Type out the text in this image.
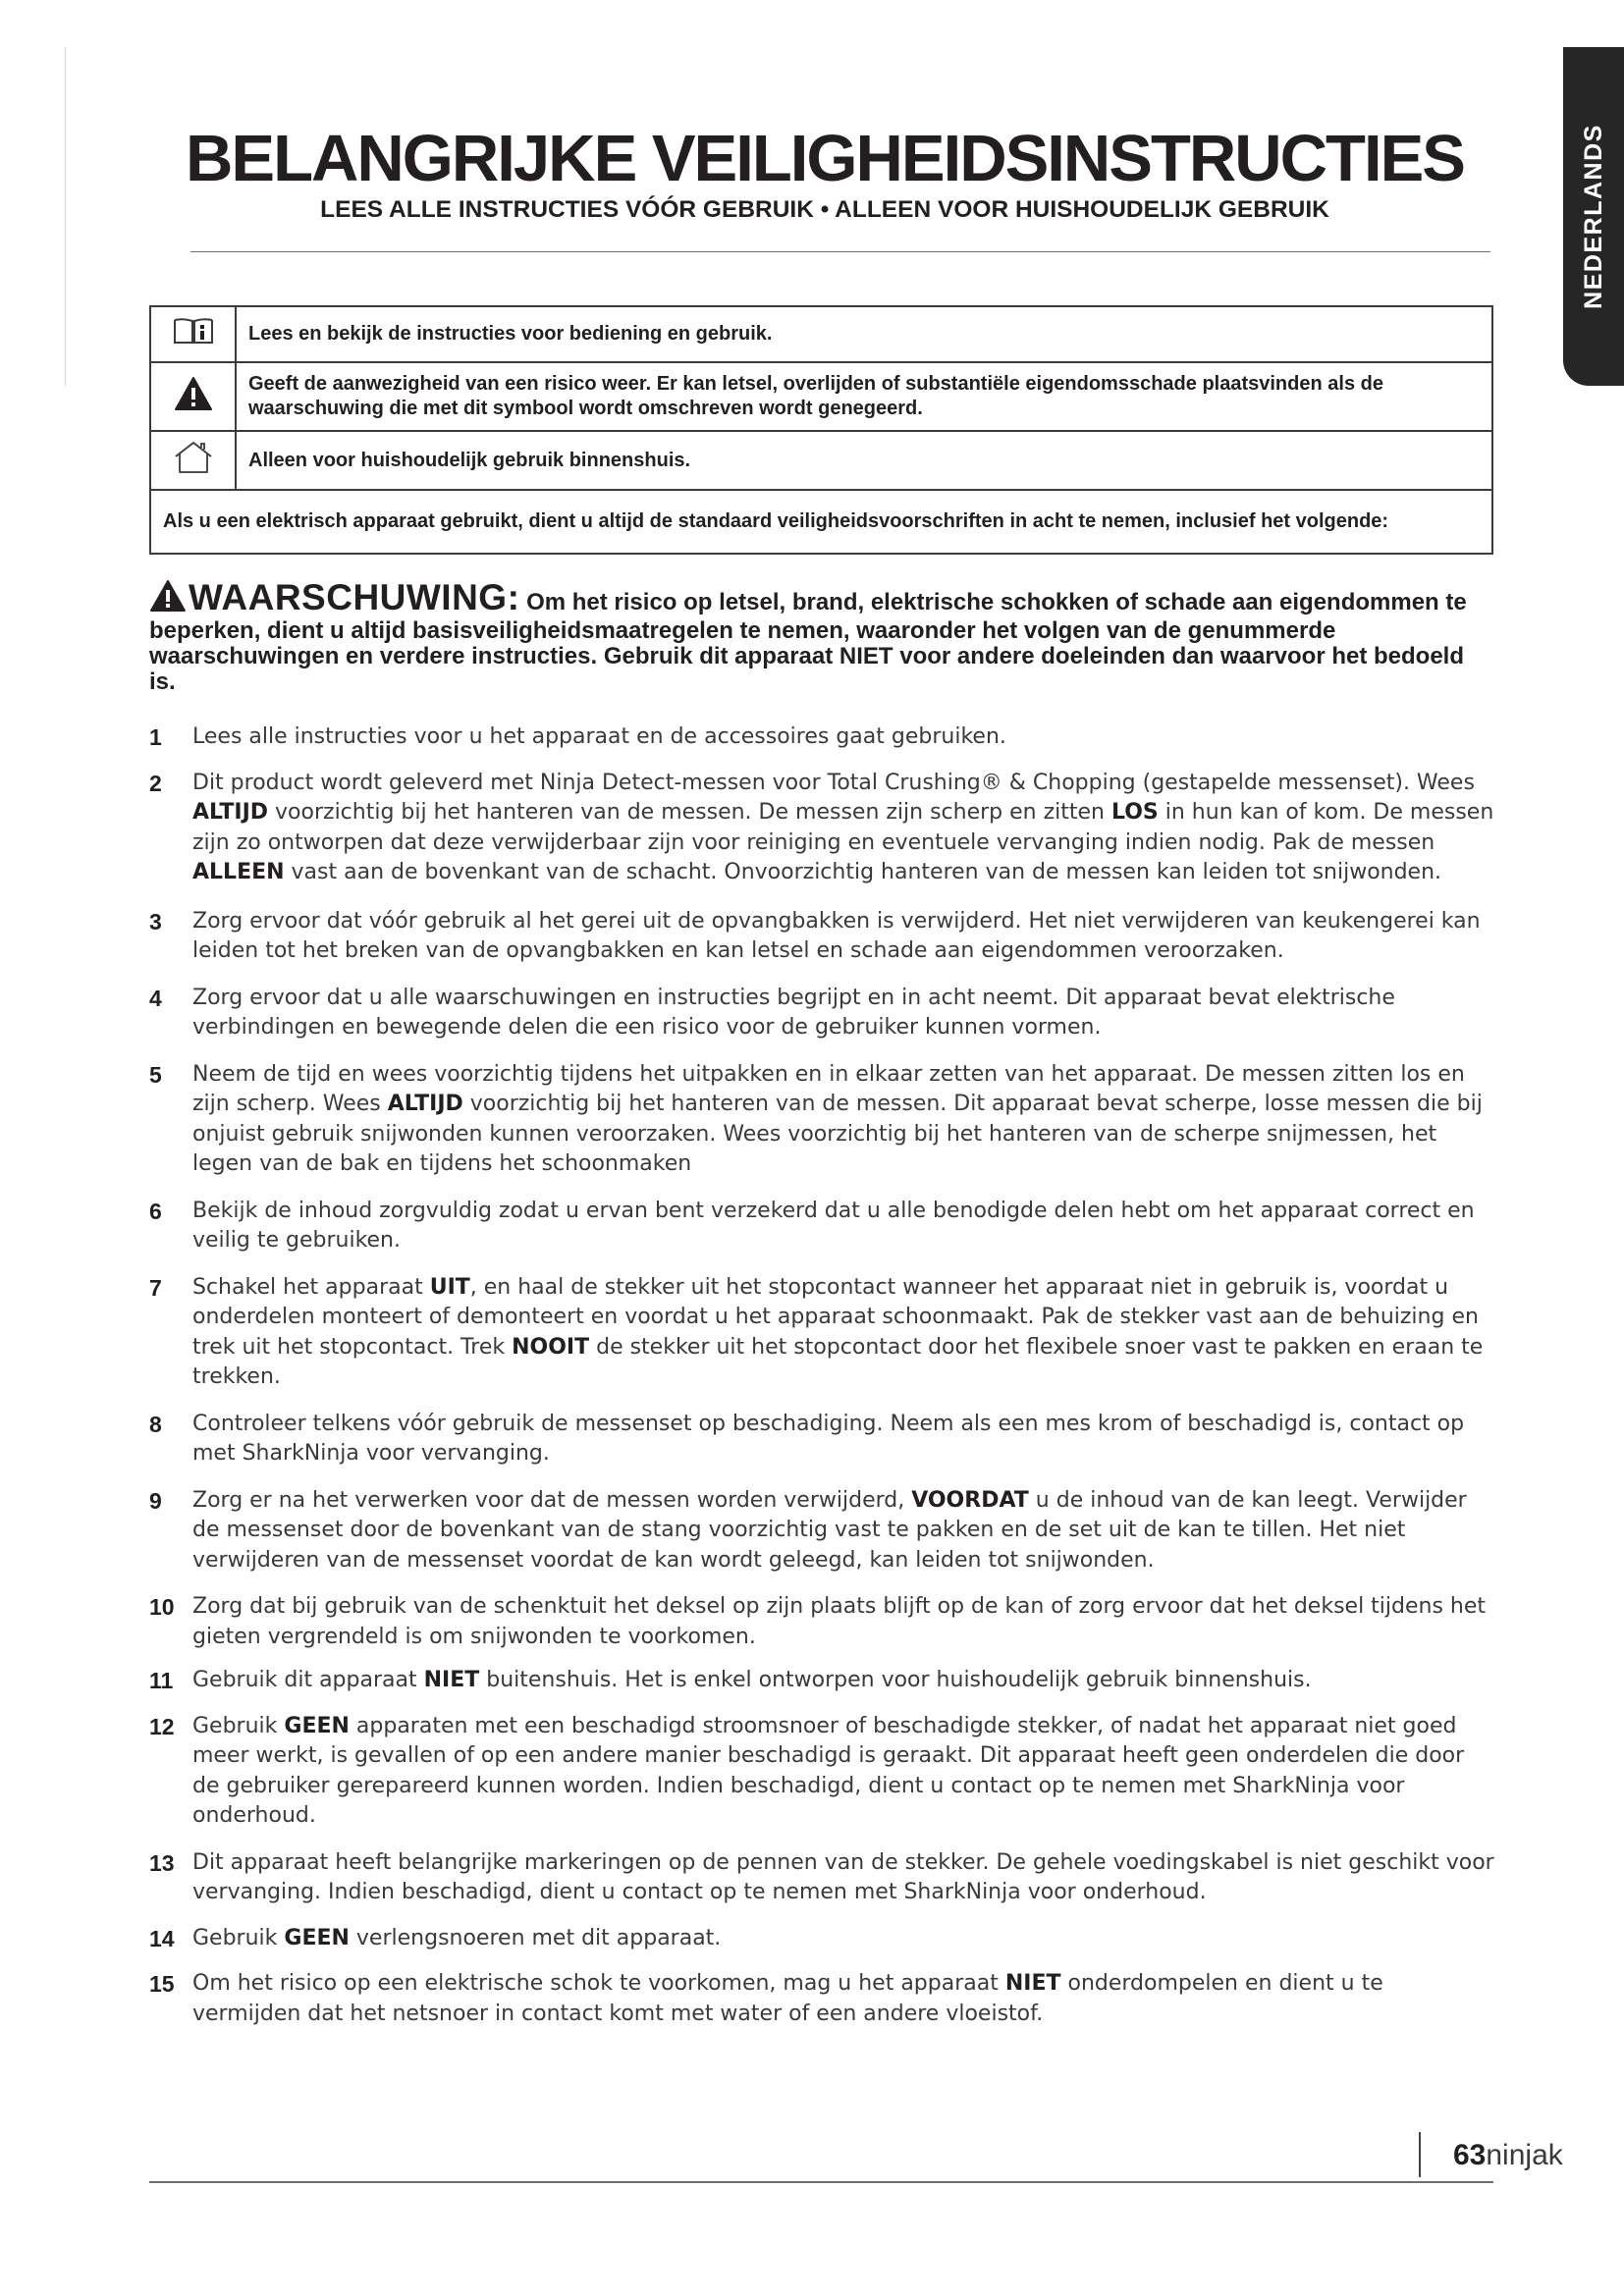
NEDERLANDS
BELANGRIJKE VEILIGHEIDSINSTRUCTIES
LEES ALLE INSTRUCTIES VÓÓR GEBRUIK • ALLEEN VOOR HUISHOUDELIJK GEBRUIK
	Lees en bekijk de instructies voor bediening en gebruik.
	Geeft de aanwezigheid van een risico weer. Er kan letsel, overlijden of substantiële eigendomsschade plaatsvinden als de waarschuwing die met dit symbool wordt omschreven wordt genegeerd.
	Alleen voor huishoudelijk gebruik binnenshuis.
Als u een elektrisch apparaat gebruikt, dient u altijd de standaard veiligheidsvoorschriften in acht te nemen, inclusief het volgende:	
WAARSCHUWING: Om het risico op letsel, brand, elektrische schokken of schade aan eigendommen te beperken, dient u altijd basisveiligheidsmaatregelen te nemen, waaronder het volgen van de genummerde waarschuwingen en verdere instructies. Gebruik dit apparaat NIET voor andere doeleinden dan waarvoor het bedoeld is.
1 Lees alle instructies voor u het apparaat en de accessoires gaat gebruiken.
2 Dit product wordt geleverd met Ninja Detect-messen voor Total Crushing® & Chopping (gestapelde messenset). Wees ALTIJD voorzichtig bij het hanteren van de messen. De messen zijn scherp en zitten LOS in hun kan of kom. De messen zijn zo ontworpen dat deze verwijderbaar zijn voor reiniging en eventuele vervanging indien nodig. Pak de messen ALLEEN vast aan de bovenkant van de schacht. Onvoorzichtig hanteren van de messen kan leiden tot snijwonden.
3 Zorg ervoor dat vóór gebruik al het gerei uit de opvangbakken is verwijderd. Het niet verwijderen van keukengerei kan leiden tot het breken van de opvangbakken en kan letsel en schade aan eigendommen veroorzaken.
4 Zorg ervoor dat u alle waarschuwingen en instructies begrijpt en in acht neemt. Dit apparaat bevat elektrische verbindingen en bewegende delen die een risico voor de gebruiker kunnen vormen.
5 Neem de tijd en wees voorzichtig tijdens het uitpakken en in elkaar zetten van het apparaat. De messen zitten los en zijn scherp. Wees ALTIJD voorzichtig bij het hanteren van de messen. Dit apparaat bevat scherpe, losse messen die bij onjuist gebruik snijwonden kunnen veroorzaken. Wees voorzichtig bij het hanteren van de scherpe snijmessen, het legen van de bak en tijdens het schoonmaken
6 Bekijk de inhoud zorgvuldig zodat u ervan bent verzekerd dat u alle benodigde delen hebt om het apparaat correct en veilig te gebruiken.
7 Schakel het apparaat UIT, en haal de stekker uit het stopcontact wanneer het apparaat niet in gebruik is, voordat u onderdelen monteert of demonteert en voordat u het apparaat schoonmaakt. Pak de stekker vast aan de behuizing en trek uit het stopcontact. Trek NOOIT de stekker uit het stopcontact door het flexibele snoer vast te pakken en eraan te trekken.
8 Controleer telkens vóór gebruik de messenset op beschadiging. Neem als een mes krom of beschadigd is, contact op met SharkNinja voor vervanging.
9 Zorg er na het verwerken voor dat de messen worden verwijderd, VOORDAT u de inhoud van de kan leegt. Verwijder de messenset door de bovenkant van de stang voorzichtig vast te pakken en de set uit de kan te tillen. Het niet verwijderen van de messenset voordat de kan wordt geleegd, kan leiden tot snijwonden.
10 Zorg dat bij gebruik van de schenktuit het deksel op zijn plaats blijft op de kan of zorg ervoor dat het deksel tijdens het gieten vergrendeld is om snijwonden te voorkomen.
11 Gebruik dit apparaat NIET buitenshuis. Het is enkel ontworpen voor huishoudelijk gebruik binnenshuis.
12 Gebruik GEEN apparaten met een beschadigd stroomsnoer of beschadigde stekker, of nadat het apparaat niet goed meer werkt, is gevallen of op een andere manier beschadigd is geraakt. Dit apparaat heeft geen onderdelen die door de gebruiker gerepareerd kunnen worden. Indien beschadigd, dient u contact op te nemen met SharkNinja voor onderhoud.
13 Dit apparaat heeft belangrijke markeringen op de pennen van de stekker. De gehele voedingskabel is niet geschikt voor vervanging. Indien beschadigd, dient u contact op te nemen met SharkNinja voor onderhoud.
14 Gebruik GEEN verlengsnoeren met dit apparaat.
15 Om het risico op een elektrische schok te voorkomen, mag u het apparaat NIET onderdompelen en dient u te vermijden dat het netsnoer in contact komt met water of een andere vloeistof.
63ninjak
